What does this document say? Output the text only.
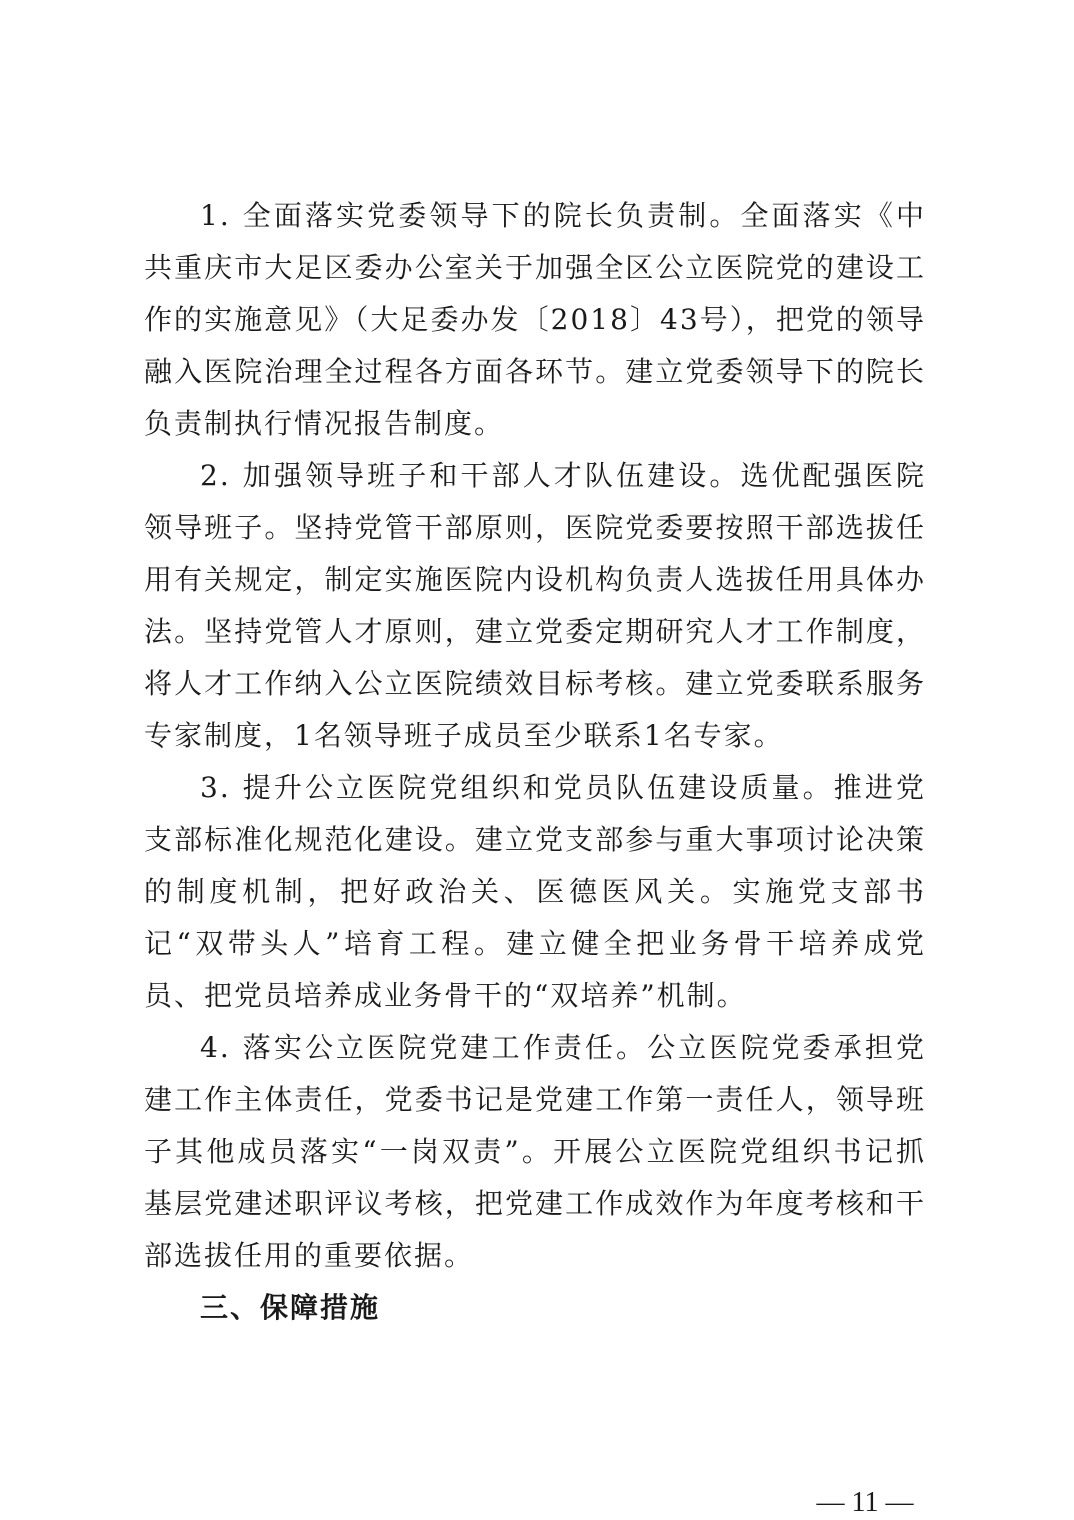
1. 全面落实党委领导下的院长负责制。全面落实《中共重庆市大足区委办公室关于加强全区公立医院党的建设工作的实施意见》（大足委办发〔2018〕43号），把党的领导融入医院治理全过程各方面各环节。建立党委领导下的院长负责制执行情况报告制度。

2. 加强领导班子和干部人才队伍建设。选优配强医院领导班子。坚持党管干部原则，医院党委要按照干部选拔任用有关规定，制定实施医院内设机构负责人选拔任用具体办法。坚持党管人才原则，建立党委定期研究人才工作制度，将人才工作纳入公立医院绩效目标考核。建立党委联系服务专家制度，1名领导班子成员至少联系1名专家。

3. 提升公立医院党组织和党员队伍建设质量。推进党支部标准化规范化建设。建立党支部参与重大事项讨论决策的制度机制，把好政治关、医德医风关。实施党支部书记“双带头人”培育工程。建立健全把业务骨干培养成党员、把党员培养成业务骨干的“双培养”机制。

4. 落实公立医院党建工作责任。公立医院党委承担党建工作主体责任，党委书记是党建工作第一责任人，领导班子其他成员落实“一岗双责”。开展公立医院党组织书记抓基层党建述职评议考核，把党建工作成效作为年度考核和干部选拔任用的重要依据。

三、保障措施

— 11 —
